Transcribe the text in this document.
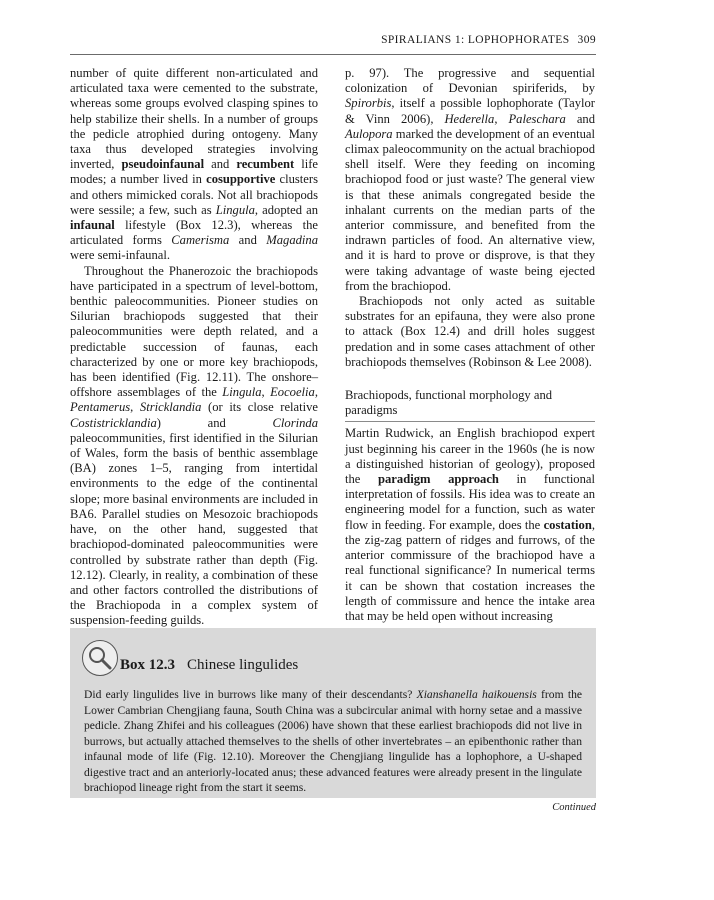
SPIRALIANS 1: LOPHOPHORATES 309

number of quite different non-articulated and articulated taxa were cemented to the substrate, whereas some groups evolved clasping spines to help stabilize their shells. In a number of groups the pedicle atrophied during ontogeny. Many taxa thus developed strategies involving inverted, pseudoinfaunal and recumbent life modes; a number lived in cosupportive clusters and others mimicked corals. Not all brachiopods were sessile; a few, such as Lingula, adopted an infaunal lifestyle (Box 12.3), whereas the articulated forms Camerisma and Magadina were semi-infaunal.

Throughout the Phanerozoic the brachiopods have participated in a spectrum of level-bottom, benthic paleocommunities. Pioneer studies on Silurian brachiopods suggested that their paleocommunities were depth related, and a predictable succession of faunas, each characterized by one or more key brachiopods, has been identified (Fig. 12.11). The onshore–offshore assemblages of the Lingula, Eocoelia, Pentamerus, Stricklandia (or its close relative Costistricklandia) and Clorinda paleocommunities, first identified in the Silurian of Wales, form the basis of benthic assemblage (BA) zones 1–5, ranging from intertidal environments to the edge of the continental slope; more basinal environments are included in BA6. Parallel studies on Mesozoic brachiopods have, on the other hand, suggested that brachiopod-dominated paleocommunities were controlled by substrate rather than depth (Fig. 12.12). Clearly, in reality, a combination of these and other factors controlled the distributions of the Brachiopoda in a complex system of suspension-feeding guilds.

p. 97). The progressive and sequential colonization of Devonian spiriferids, by Spirorbis, itself a possible lophophorate (Taylor & Vinn 2006), Hederella, Paleschara and Aulopora marked the development of an eventual climax paleocommunity on the actual brachiopod shell itself. Were they feeding on incoming brachiopod food or just waste? The general view is that these animals congregated beside the inhalant currents on the median parts of the anterior commissure, and benefited from the indrawn particles of food. An alternative view, and it is hard to prove or disprove, is that they were taking advantage of waste being ejected from the brachiopod.

Brachiopods not only acted as suitable substrates for an epifauna, they were also prone to attack (Box 12.4) and drill holes suggest predation and in some cases attachment of other brachiopods themselves (Robinson & Lee 2008).

Brachiopods, functional morphology and paradigms

Martin Rudwick, an English brachiopod expert just beginning his career in the 1960s (he is now a distinguished historian of geology), proposed the paradigm approach in functional interpretation of fossils. His idea was to create an engineering model for a function, such as water flow in feeding. For example, does the costation, the zig-zag pattern of ridges and furrows, of the anterior commissure of the brachiopod have a real functional significance? In numerical terms it can be shown that costation increases the length of commissure and hence the intake area that may be held open without increasing

Box 12.3 Chinese lingulides

Did early lingulides live in burrows like many of their descendants? Xianshanella haikouensis from the Lower Cambrian Chengjiang fauna, South China was a subcircular animal with horny setae and a massive pedicle. Zhang Zhifei and his colleagues (2006) have shown that these earliest brachiopods did not live in burrows, but actually attached themselves to the shells of other invertebrates – an epibenthonic rather than infaunal mode of life (Fig. 12.10). Moreover the Chengjiang lingulide has a lophophore, a U-shaped digestive tract and an anteriorly-located anus; these advanced features were already present in the lingulate brachiopod lineage right from the start it seems.

Continued
